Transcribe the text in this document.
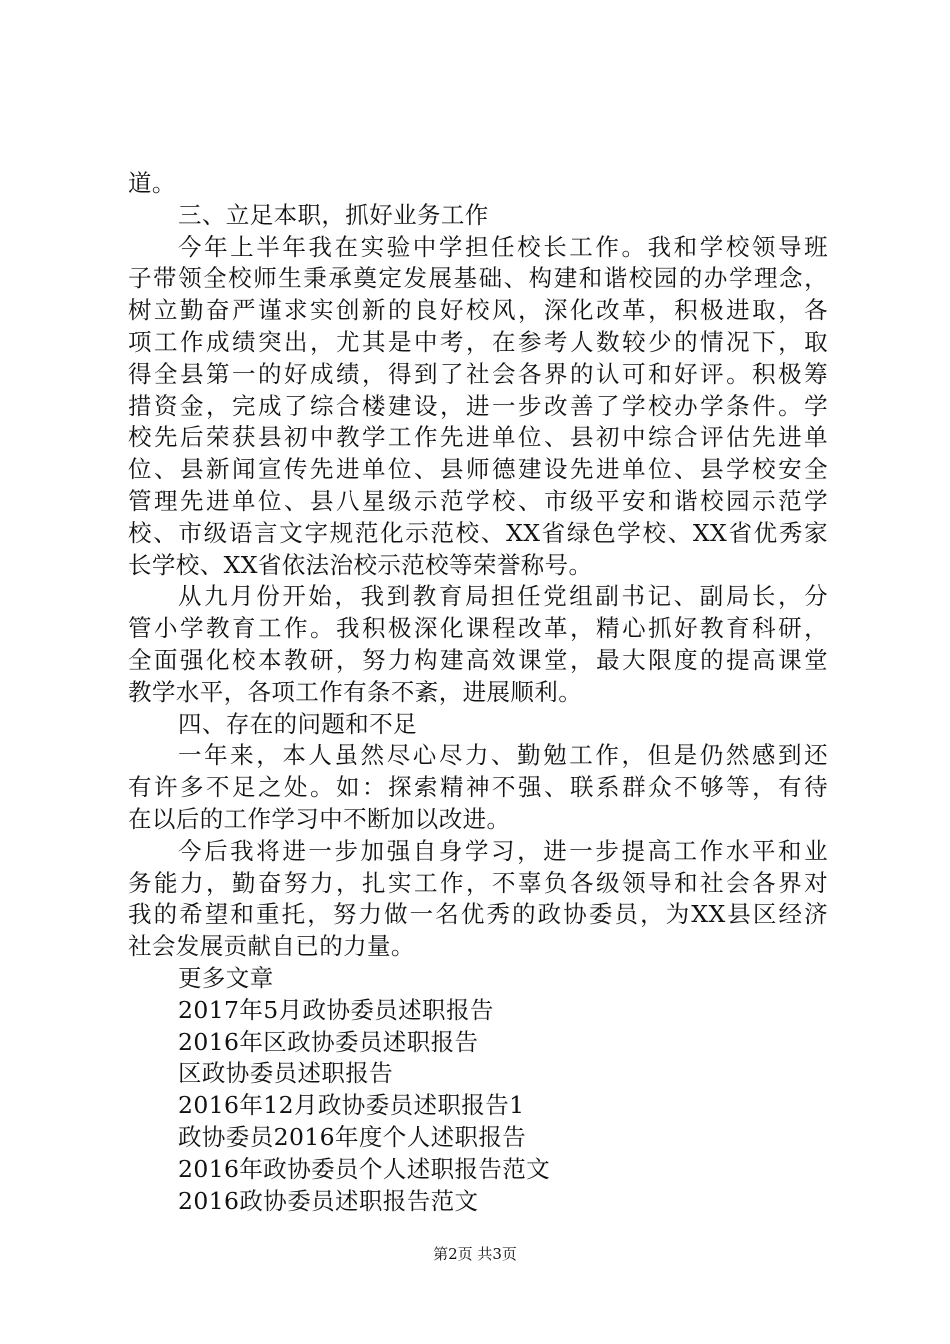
道。
三、立足本职，抓好业务工作
今年上半年我在实验中学担任校长工作。我和学校领导班
子带领全校师生秉承奠定发展基础、构建和谐校园的办学理念，
树立勤奋严谨求实创新的良好校风，深化改革，积极进取，各
项工作成绩突出，尤其是中考，在参考人数较少的情况下，取
得全县第一的好成绩，得到了社会各界的认可和好评。积极筹
措资金，完成了综合楼建设，进一步改善了学校办学条件。学
校先后荣获县初中教学工作先进单位、县初中综合评估先进单
位、县新闻宣传先进单位、县师德建设先进单位、县学校安全
管理先进单位、县八星级示范学校、市级平安和谐校园示范学
校、市级语言文字规范化示范校、XX省绿色学校、XX省优秀家
长学校、XX省依法治校示范校等荣誉称号。
从九月份开始，我到教育局担任党组副书记、副局长，分
管小学教育工作。我积极深化课程改革，精心抓好教育科研，
全面强化校本教研，努力构建高效课堂，最大限度的提高课堂
教学水平，各项工作有条不紊，进展顺利。
四、存在的问题和不足
一年来，本人虽然尽心尽力、勤勉工作，但是仍然感到还
有许多不足之处。如：探索精神不强、联系群众不够等，有待
在以后的工作学习中不断加以改进。
今后我将进一步加强自身学习，进一步提高工作水平和业
务能力，勤奋努力，扎实工作，不辜负各级领导和社会各界对
我的希望和重托，努力做一名优秀的政协委员，为XX县区经济
社会发展贡献自已的力量。
更多文章
2017年5月政协委员述职报告
2016年区政协委员述职报告
区政协委员述职报告
2016年12月政协委员述职报告1
政协委员2016年度个人述职报告
2016年政协委员个人述职报告范文
2016政协委员述职报告范文
第2页 共3页
